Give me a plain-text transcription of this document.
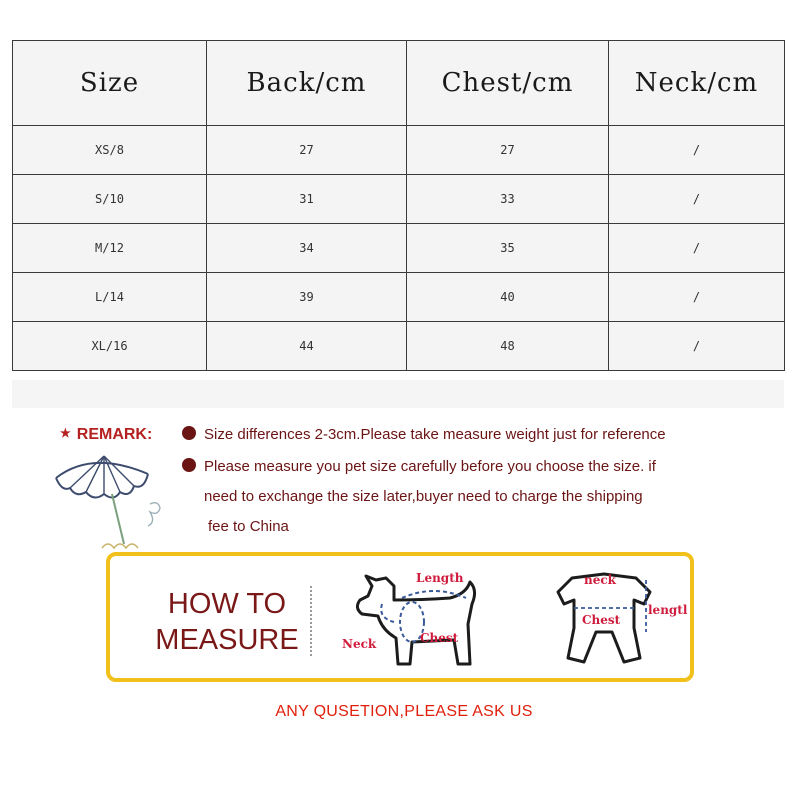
Size	Back/cm	Chest/cm	Neck/cm
XS/8	27	27	/
S/10	31	33	/
M/12	34	35	/
L/14	39	40	/
XL/16	44	48	/
★ REMARK:	Size differences 2-3cm.Please take measure weight just for reference
Please measure you pet size carefully before you choose the size. if
need to exchange the size later,buyer need to charge the shipping
fee to China
HOW TO
MEASURE
Length
Neck	Chest
neck
Chest
lengtl
ANY QUSETION,PLEASE ASK US
